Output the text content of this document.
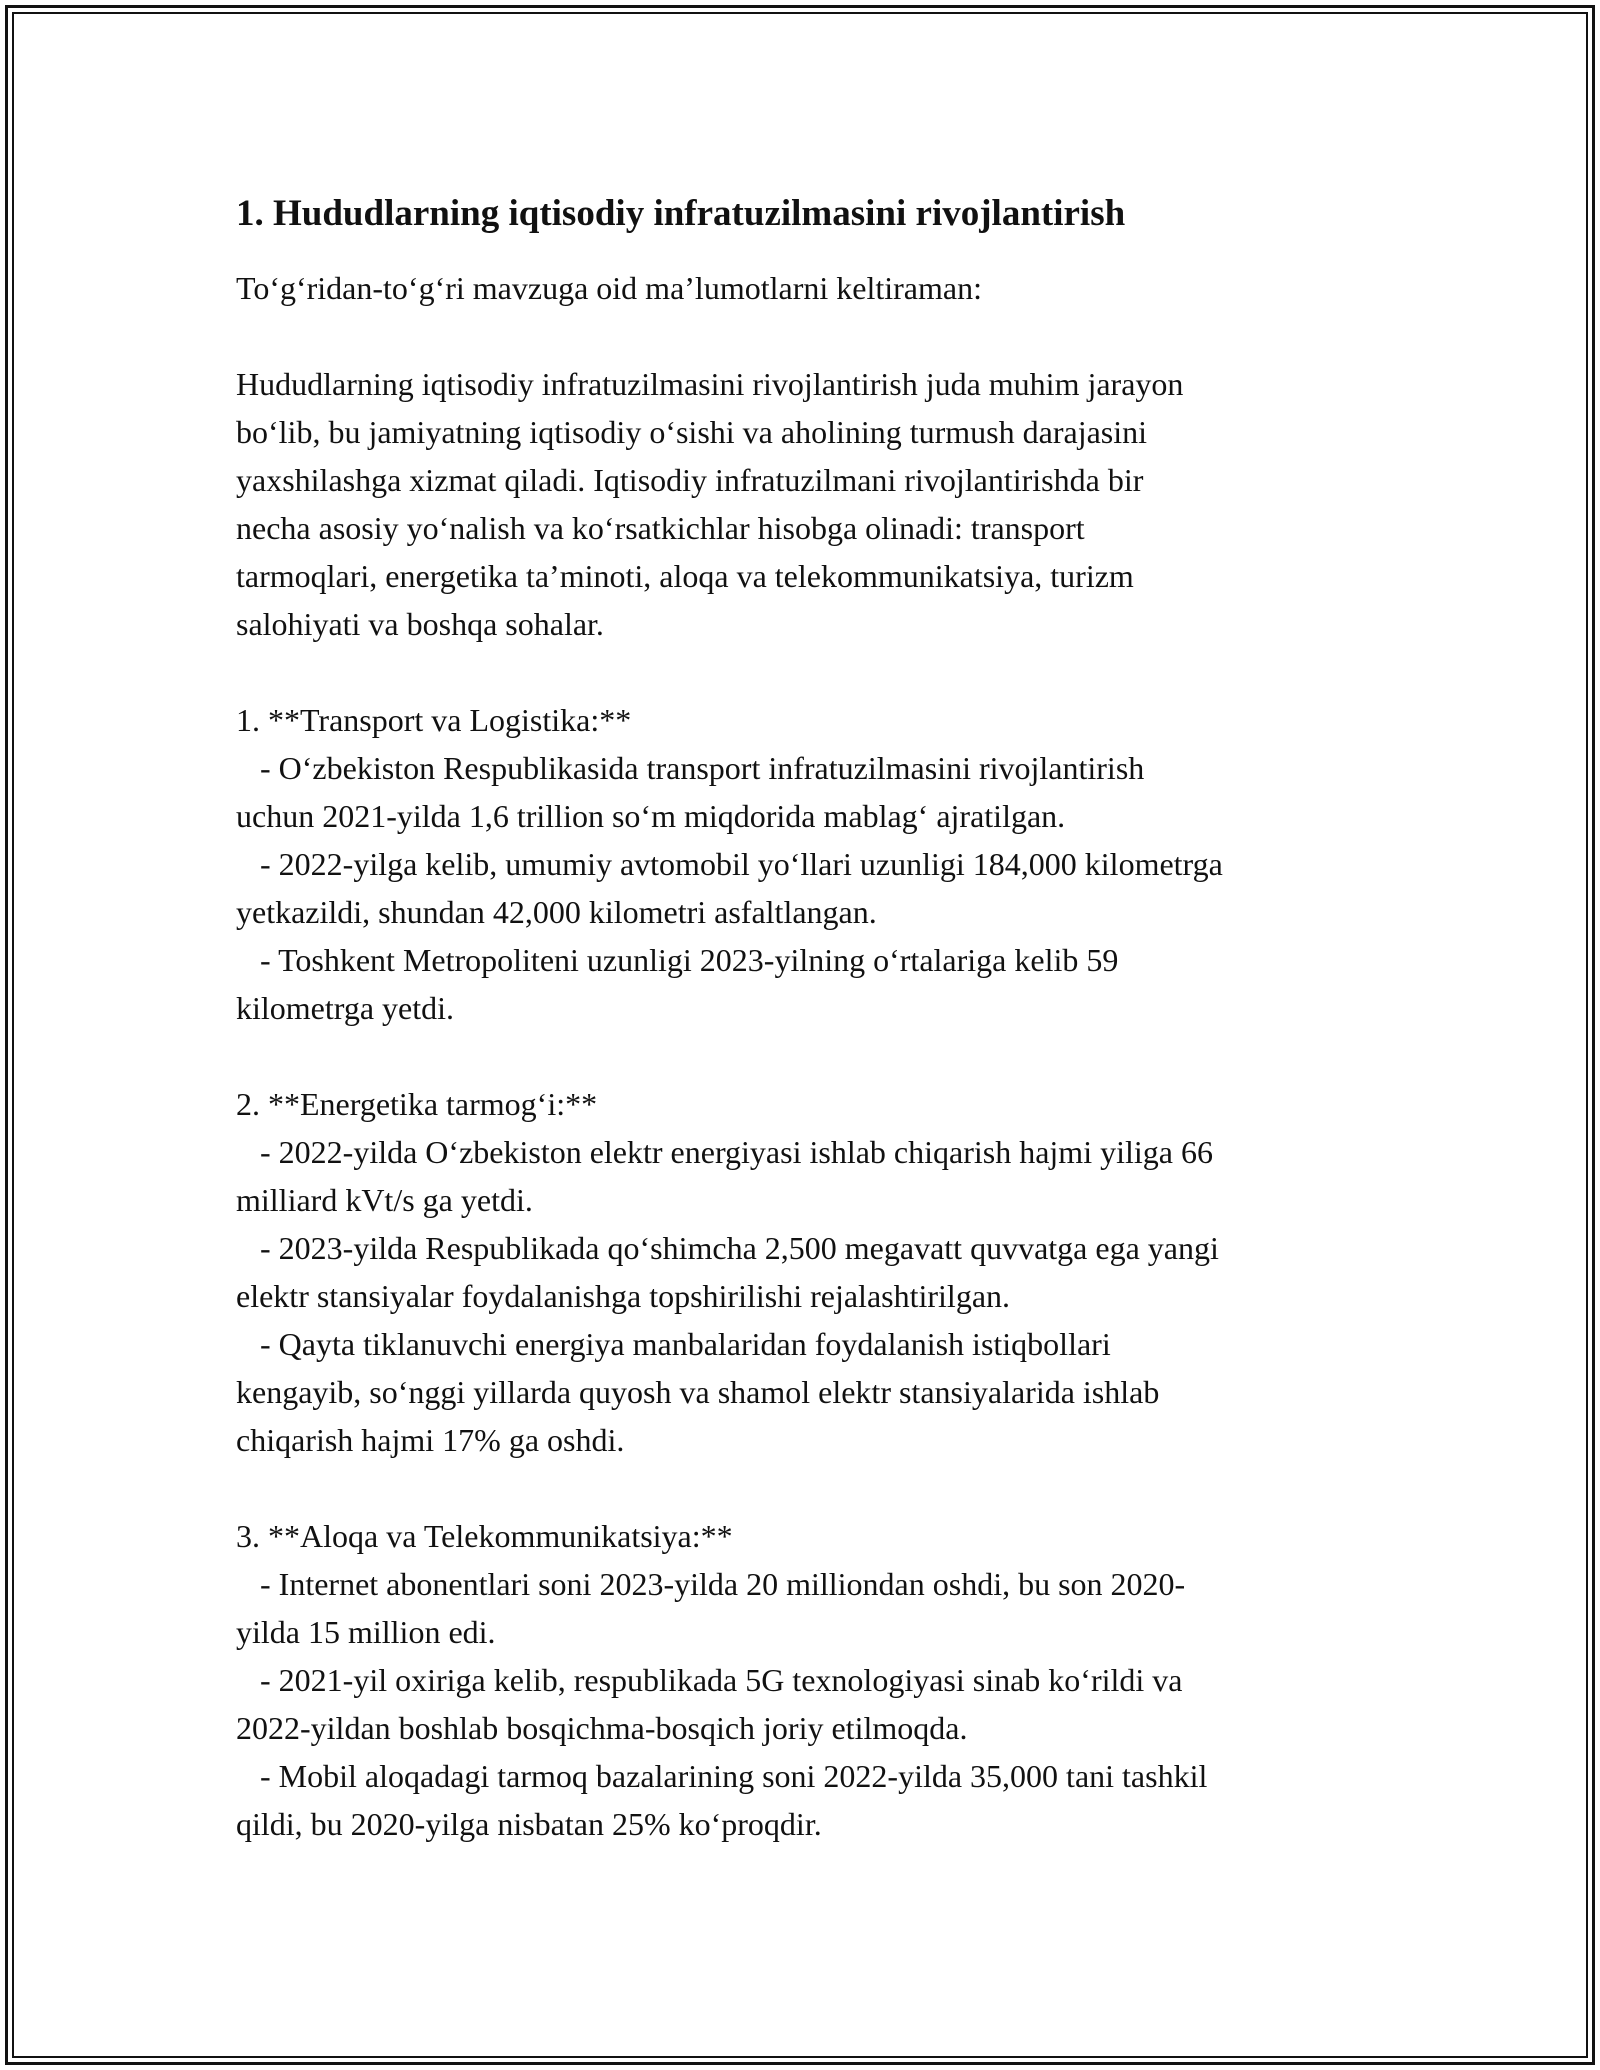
1. Hududlarning iqtisodiy infratuzilmasini rivojlantirish

To‘g‘ridan-to‘g‘ri mavzuga oid ma’lumotlarni keltiraman:

Hududlarning iqtisodiy infratuzilmasini rivojlantirish juda muhim jarayon
bo‘lib, bu jamiyatning iqtisodiy o‘sishi va aholining turmush darajasini
yaxshilashga xizmat qiladi. Iqtisodiy infratuzilmani rivojlantirishda bir
necha asosiy yo‘nalish va ko‘rsatkichlar hisobga olinadi: transport
tarmoqlari, energetika ta’minoti, aloqa va telekommunikatsiya, turizm
salohiyati va boshqa sohalar.

1. **Transport va Logistika:**

- O‘zbekiston Respublikasida transport infratuzilmasini rivojlantirish
uchun 2021-yilda 1,6 trillion so‘m miqdorida mablag‘ ajratilgan.

- 2022-yilga kelib, umumiy avtomobil yo‘llari uzunligi 184,000 kilometrga
yetkazildi, shundan 42,000 kilometri asfaltlangan.

- Toshkent Metropoliteni uzunligi 2023-yilning o‘rtalariga kelib 59
kilometrga yetdi.

2. **Energetika tarmog‘i:**

- 2022-yilda O‘zbekiston elektr energiyasi ishlab chiqarish hajmi yiliga 66
milliard kVt/s ga yetdi.

- 2023-yilda Respublikada qo‘shimcha 2,500 megavatt quvvatga ega yangi
elektr stansiyalar foydalanishga topshirilishi rejalashtirilgan.

- Qayta tiklanuvchi energiya manbalaridan foydalanish istiqbollari
kengayib, so‘nggi yillarda quyosh va shamol elektr stansiyalarida ishlab
chiqarish hajmi 17% ga oshdi.

3. **Aloqa va Telekommunikatsiya:**

- Internet abonentlari soni 2023-yilda 20 milliondan oshdi, bu son 2020-
yilda 15 million edi.

- 2021-yil oxiriga kelib, respublikada 5G texnologiyasi sinab ko‘rildi va
2022-yildan boshlab bosqichma-bosqich joriy etilmoqda.

- Mobil aloqadagi tarmoq bazalarining soni 2022-yilda 35,000 tani tashkil
qildi, bu 2020-yilga nisbatan 25% ko‘proqdir.
